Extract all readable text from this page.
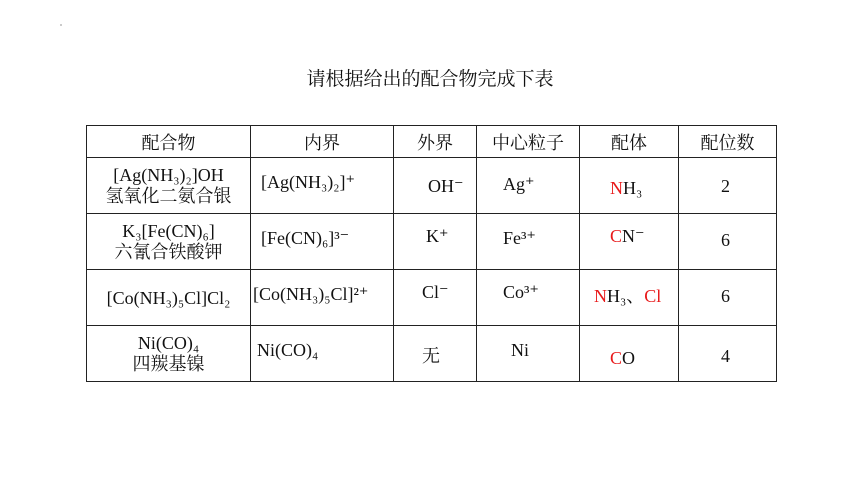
请根据给出的配合物完成下表
配合物	内界	外界	中心粒子	配体	配位数

[Ag(NH₃)₂]OH
氢氧化二氨合银	[Ag(NH₃)₂]⁺	OH⁻	Ag⁺	NH₃	2

K₃[Fe(CN)₆]
六氰合铁酸钾	[Fe(CN)₆]³⁻	K⁺	Fe³⁺	CN⁻	6

[Co(NH₃)₅Cl]Cl₂	[Co(NH₃)₅Cl]²⁺	Cl⁻	Co³⁺	NH₃、Cl	6

Ni(CO)₄
四羰基镍	Ni(CO)₄	无	Ni	CO	4
